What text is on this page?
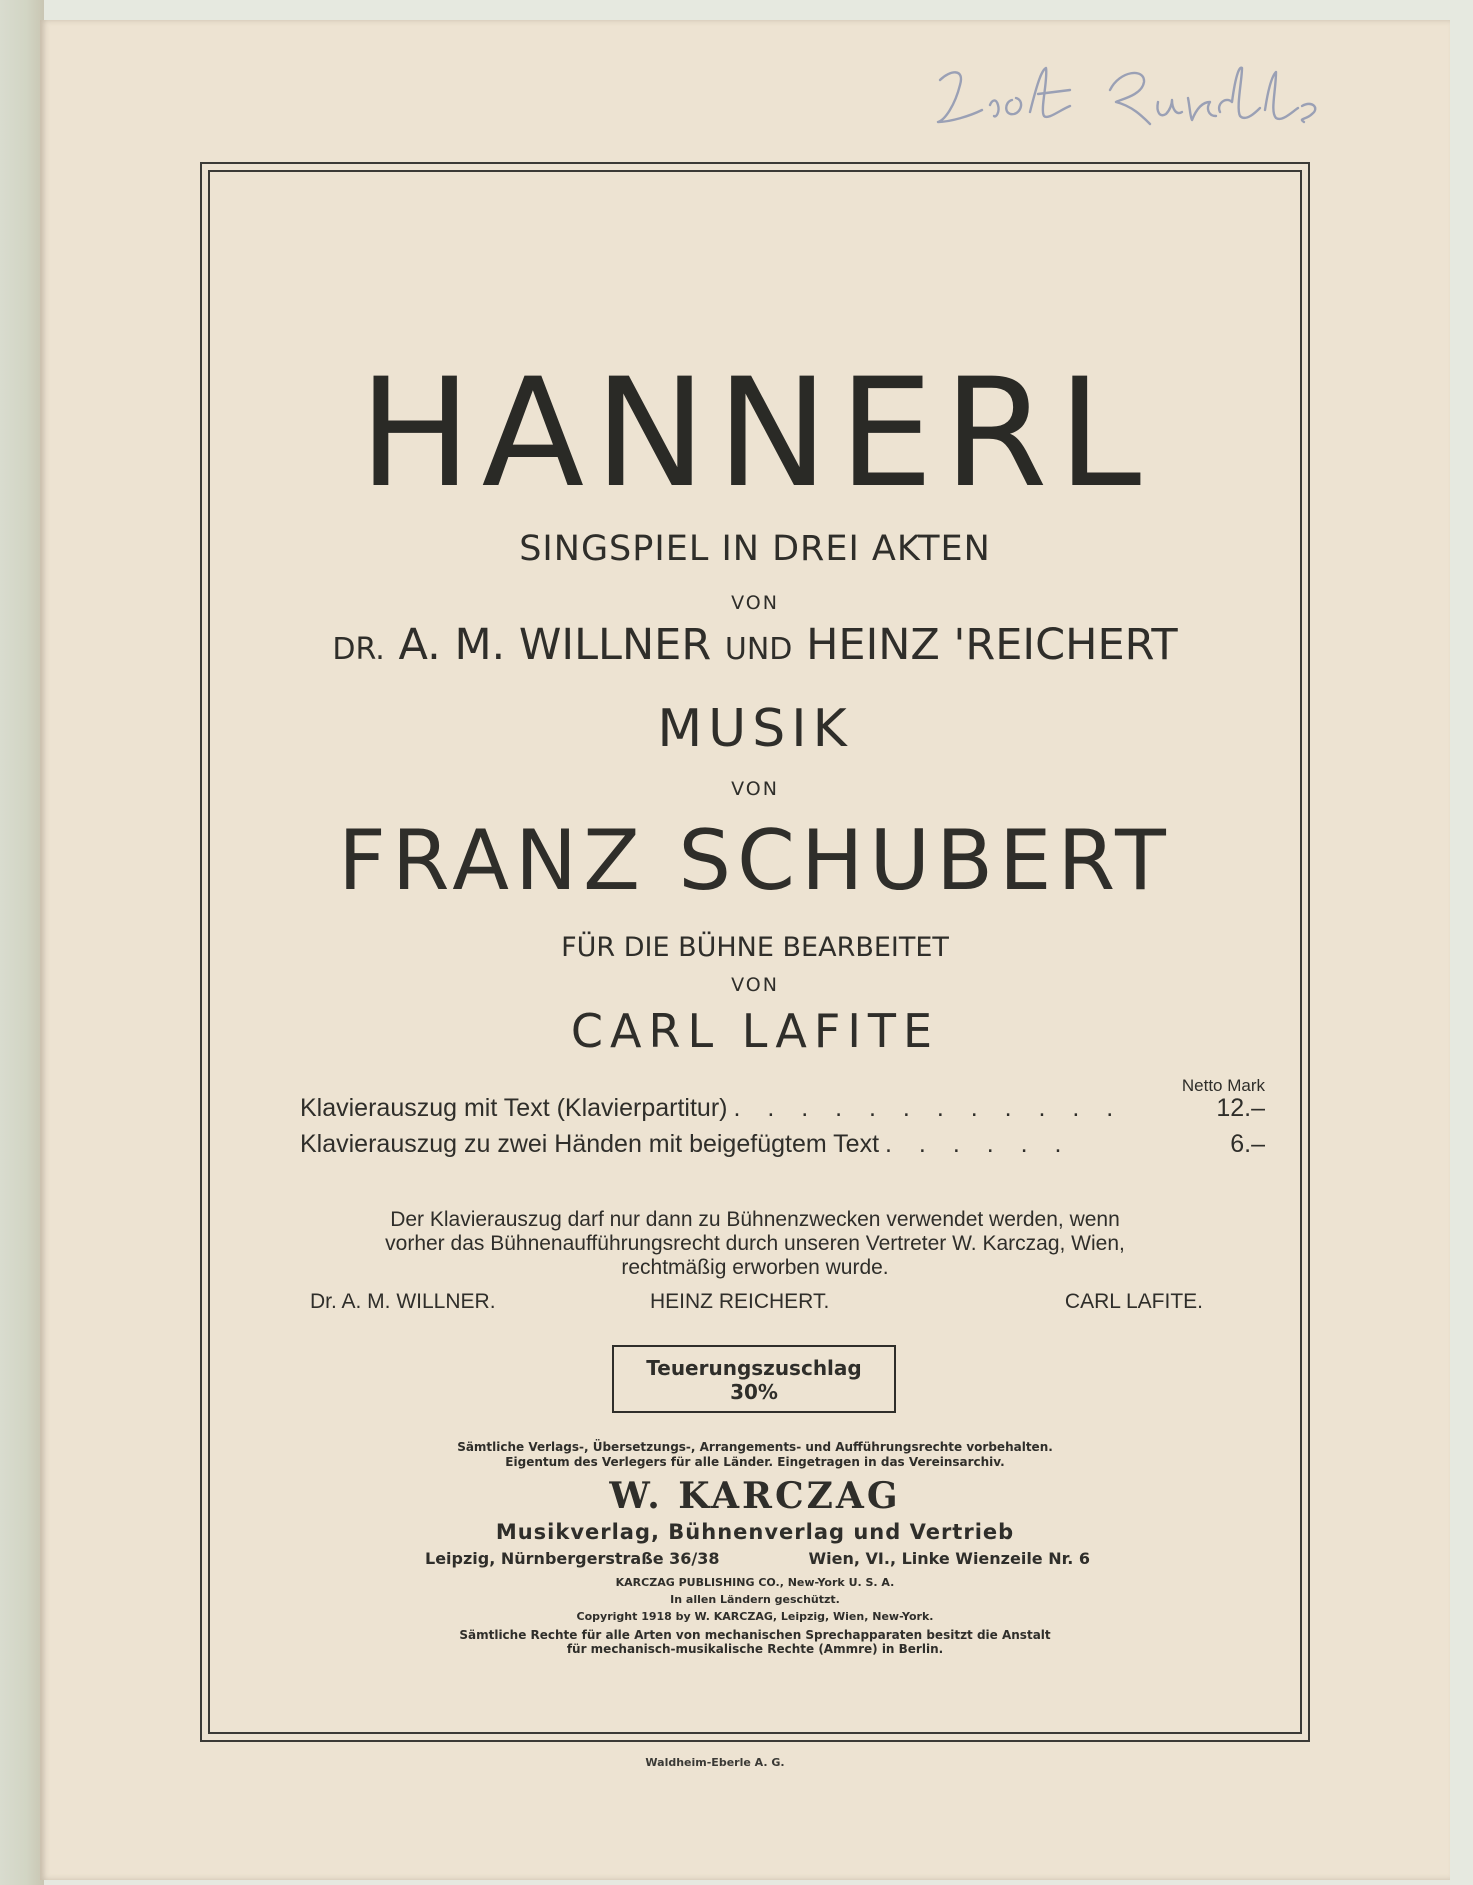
HANNERL
SINGSPIEL IN DREI AKTEN
VON
DR. A. M. WILLNER UND HEINZ 'REICHERT
MUSIK
VON
FRANZ SCHUBERT
FÜR DIE BÜHNE BEARBEITET
VON
CARL LAFITE
Netto Mark
Klavierauszug mit Text (Klavierpartitur) . . . . . . . . . . . .	12.–
Klavierauszug zu zwei Händen mit beigefügtem Text . . . . . .	6.–
Der Klavierauszug darf nur dann zu Bühnenzwecken verwendet werden, wenn
vorher das Bühnenaufführungsrecht durch unseren Vertreter W. Karczag, Wien,
rechtmäßig erworben wurde.
Dr. A. M. WILLNER.	HEINZ REICHERT.	CARL LAFITE.
Teuerungszuschlag
30%
Sämtliche Verlags-, Übersetzungs-, Arrangements- und Aufführungsrechte vorbehalten.
Eigentum des Verlegers für alle Länder. Eingetragen in das Vereinsarchiv.
W. KARCZAG
Musikverlag, Bühnenverlag und Vertrieb
Leipzig, Nürnbergerstraße 36/38	Wien, VI., Linke Wienzeile Nr. 6
KARCZAG PUBLISHING CO., New-York U. S. A.
In allen Ländern geschützt.
Copyright 1918 by W. KARCZAG, Leipzig, Wien, New-York.
Sämtliche Rechte für alle Arten von mechanischen Sprechapparaten besitzt die Anstalt
für mechanisch-musikalische Rechte (Ammre) in Berlin.
Waldheim-Eberle A. G.
